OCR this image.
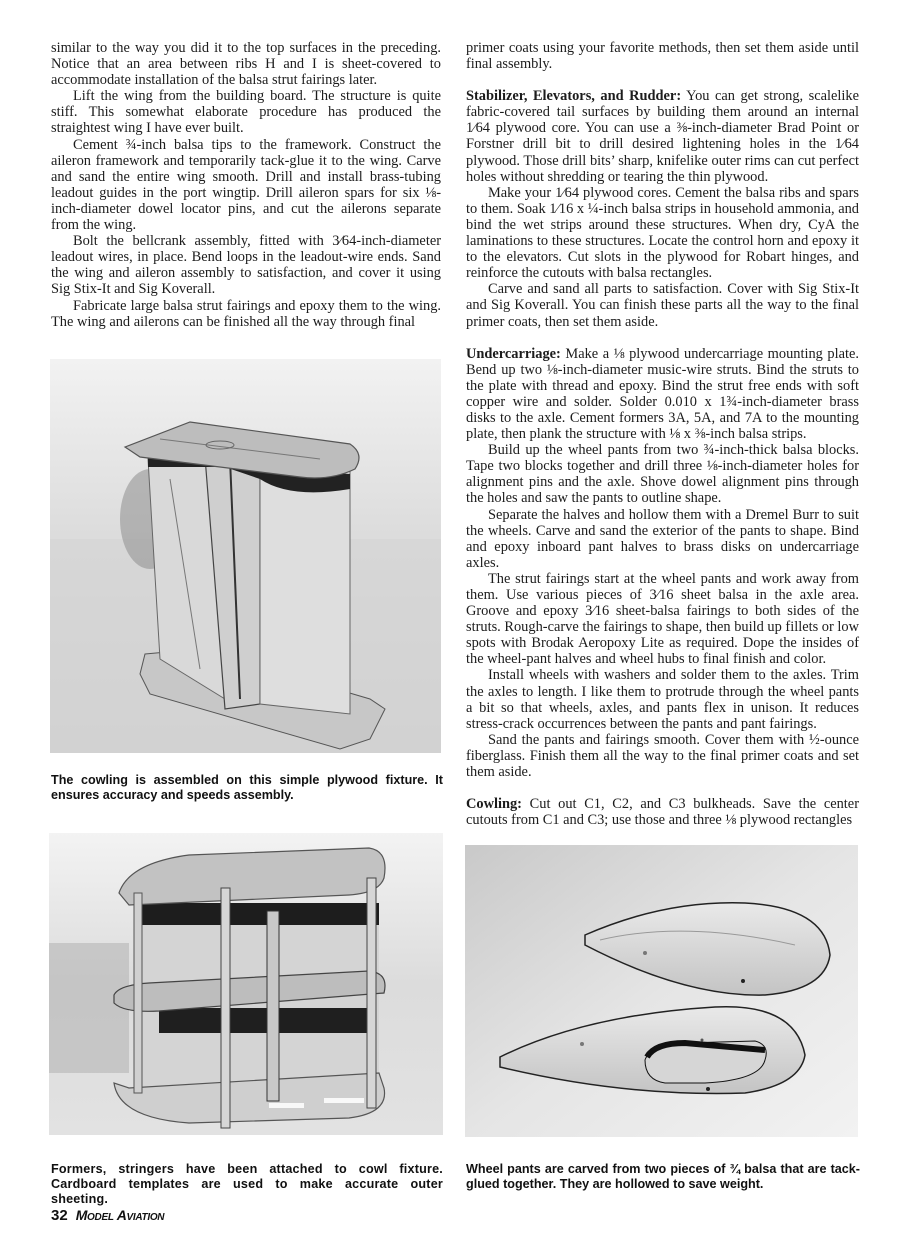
similar to the way you did it to the top surfaces in the preceding. Notice that an area between ribs H and I is sheet-covered to accommodate installation of the balsa strut fairings later.

Lift the wing from the building board. The structure is quite stiff. This somewhat elaborate procedure has produced the straightest wing I have ever built.

Cement ¾-inch balsa tips to the framework. Construct the aileron framework and temporarily tack-glue it to the wing. Carve and sand the entire wing smooth. Drill and install brass-tubing leadout guides in the port wingtip. Drill aileron spars for six ⅛-inch-diameter dowel locator pins, and cut the ailerons separate from the wing.

Bolt the bellcrank assembly, fitted with 3⁄64-inch-diameter leadout wires, in place. Bend loops in the leadout-wire ends. Sand the wing and aileron assembly to satisfaction, and cover it using Sig Stix-It and Sig Koverall.

Fabricate large balsa strut fairings and epoxy them to the wing. The wing and ailerons can be finished all the way through final

primer coats using your favorite methods, then set them aside until final assembly.

Stabilizer, Elevators, and Rudder: You can get strong, scalelike fabric-covered tail surfaces by building them around an internal 1⁄64 plywood core. You can use a ⅜-inch-diameter Brad Point or Forstner drill bit to drill desired lightening holes in the 1⁄64 plywood. Those drill bits’ sharp, knifelike outer rims can cut perfect holes without shredding or tearing the thin plywood.

Make your 1⁄64 plywood cores. Cement the balsa ribs and spars to them. Soak 1⁄16 x ¼-inch balsa strips in household ammonia, and bind the wet strips around these structures. When dry, CyA the laminations to these structures. Locate the control horn and epoxy it to the elevators. Cut slots in the plywood for Robart hinges, and reinforce the cutouts with balsa rectangles.

Carve and sand all parts to satisfaction. Cover with Sig Stix-It and Sig Koverall. You can finish these parts all the way to the final primer coats, then set them aside.

Undercarriage: Make a ⅛ plywood undercarriage mounting plate. Bend up two ⅛-inch-diameter music-wire struts. Bind the struts to the plate with thread and epoxy. Bind the strut free ends with soft copper wire and solder. Solder 0.010 x 1¾-inch-diameter brass disks to the axle. Cement formers 3A, 5A, and 7A to the mounting plate, then plank the structure with ⅛ x ⅜-inch balsa strips.

Build up the wheel pants from two ¾-inch-thick balsa blocks. Tape two blocks together and drill three ⅛-inch-diameter holes for alignment pins and the axle. Shove dowel alignment pins through the holes and saw the pants to outline shape.

Separate the halves and hollow them with a Dremel Burr to suit the wheels. Carve and sand the exterior of the pants to shape. Bind and epoxy inboard pant halves to brass disks on undercarriage axles.

The strut fairings start at the wheel pants and work away from them. Use various pieces of 3⁄16 sheet balsa in the axle area. Groove and epoxy 3⁄16 sheet-balsa fairings to both sides of the struts. Rough-carve the fairings to shape, then build up fillets or low spots with Brodak Aeropoxy Lite as required. Dope the insides of the wheel-pant halves and wheel hubs to final finish and color.

Install wheels with washers and solder them to the axles. Trim the axles to length. I like them to protrude through the wheel pants a bit so that wheels, axles, and pants flex in unison. It reduces stress-crack occurrences between the pants and pant fairings.

Sand the pants and fairings smooth. Cover them with ½-ounce fiberglass. Finish them all the way to the final primer coats and set them aside.

Cowling: Cut out C1, C2, and C3 bulkheads. Save the center cutouts from C1 and C3; use those and three ⅛ plywood rectangles

The cowling is assembled on this simple plywood fixture. It ensures accuracy and speeds assembly.
Formers, stringers have been attached to cowl fixture. Cardboard templates are used to make accurate outer sheeting.
Wheel pants are carved from two pieces of ¾ balsa that are tack-glued together. They are hollowed to save weight.
32 Model Aviation
